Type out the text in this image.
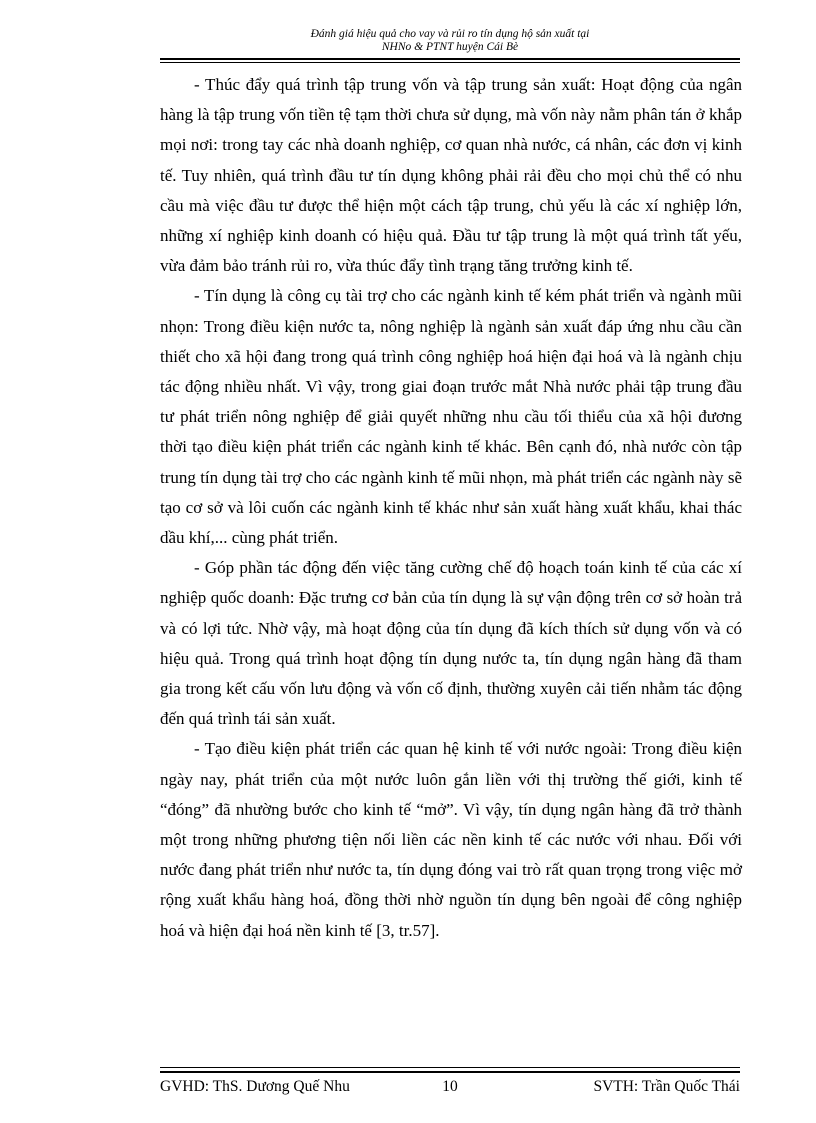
Đánh giá hiệu quả cho vay và rủi ro tín dụng hộ sản xuất tại
NHNo & PTNT huyện Cái Bè

- Thúc đẩy quá trình tập trung vốn và tập trung sản xuất: Hoạt động của ngân hàng là tập trung vốn tiền tệ tạm thời chưa sử dụng, mà vốn này nằm phân tán ở khắp mọi nơi: trong tay các nhà doanh nghiệp, cơ quan nhà nước, cá nhân, các đơn vị kinh tế. Tuy nhiên, quá trình đầu tư tín dụng không phải rải đều cho mọi chủ thể có nhu cầu mà việc đầu tư được thể hiện một cách tập trung, chủ yếu là các xí nghiệp lớn, những xí nghiệp kinh doanh có hiệu quả. Đầu tư tập trung là một quá trình tất yếu, vừa đảm bảo tránh rủi ro, vừa thúc đẩy tình trạng tăng trưởng kinh tế.

- Tín dụng là công cụ tài trợ cho các ngành kinh tế kém phát triển và ngành mũi nhọn: Trong điều kiện nước ta, nông nghiệp là ngành sản xuất đáp ứng nhu cầu cần thiết cho xã hội đang trong quá trình công nghiệp hoá hiện đại hoá và là ngành chịu tác động nhiều nhất. Vì vậy, trong giai đoạn trước mắt Nhà nước phải tập trung đầu tư phát triển nông nghiệp để giải quyết những nhu cầu tối thiểu của xã hội đương thời tạo điều kiện phát triển các ngành kinh tế khác. Bên cạnh đó, nhà nước còn tập trung tín dụng tài trợ cho các ngành kinh tế mũi nhọn, mà phát triển các ngành này sẽ tạo cơ sở và lôi cuốn các ngành kinh tế khác như sản xuất hàng xuất khẩu, khai thác dầu khí,... cùng phát triển.

- Góp phần tác động đến việc tăng cường chế độ hoạch toán kinh tế của các xí nghiệp quốc doanh: Đặc trưng cơ bản của tín dụng là sự vận động trên cơ sở hoàn trả và có lợi tức. Nhờ vậy, mà hoạt động của tín dụng đã kích thích sử dụng vốn và có hiệu quả. Trong quá trình hoạt động tín dụng nước ta, tín dụng ngân hàng đã tham gia trong kết cấu vốn lưu động và vốn cố định, thường xuyên cải tiến nhằm tác động đến quá trình tái sản xuất.

- Tạo điều kiện phát triển các quan hệ kinh tế với nước ngoài: Trong điều kiện ngày nay, phát triển của một nước luôn gắn liền với thị trường thế giới, kinh tế “đóng” đã nhường bước cho kinh tế “mở”. Vì vậy, tín dụng ngân hàng đã trở thành một trong những phương tiện nối liền các nền kinh tế các nước với nhau. Đối với nước đang phát triển như nước ta, tín dụng đóng vai trò rất quan trọng trong việc mở rộng xuất khẩu hàng hoá, đồng thời nhờ nguồn tín dụng bên ngoài để công nghiệp hoá và hiện đại hoá nền kinh tế [3, tr.57].

GVHD: ThS. Dương Quế Nhu	10	SVTH: Trần Quốc Thái
